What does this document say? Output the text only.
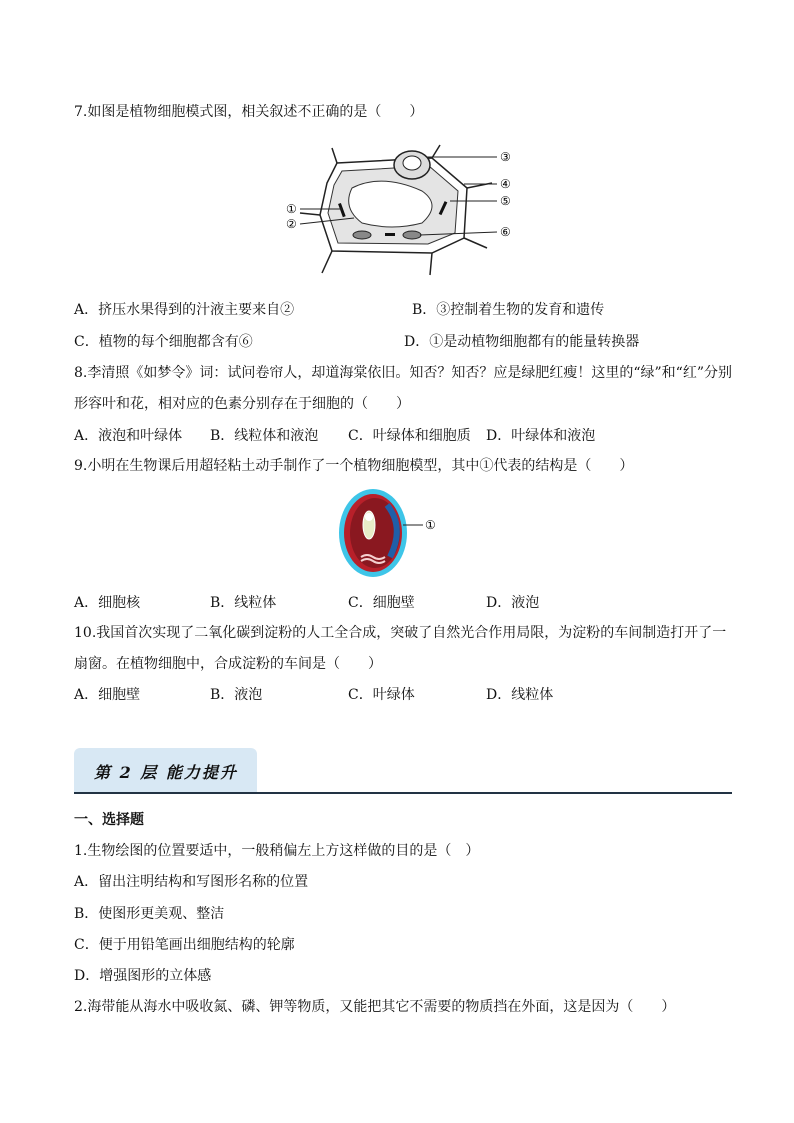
7.如图是植物细胞模式图，相关叙述不正确的是（　　）
①
②
③
④
⑤
⑥
A．挤压水果得到的汁液主要来自②	B．③控制着生物的发育和遗传
C．植物的每个细胞都含有⑥	D．①是动植物细胞都有的能量转换器
8.李清照《如梦令》词：试问卷帘人，却道海棠依旧。知否？知否？应是绿肥红瘦！这里的“绿”和“红”分别
形容叶和花，相对应的色素分别存在于细胞的（　　）
A．液泡和叶绿体 B．线粒体和液泡 C．叶绿体和细胞质 D．叶绿体和液泡
9.小明在生物课后用超轻粘土动手制作了一个植物细胞模型，其中①代表的结构是（　　）
①
A．细胞核	B．线粒体	C．细胞壁	D．液泡
10.我国首次实现了二氧化碳到淀粉的人工全合成，突破了自然光合作用局限，为淀粉的车间制造打开了一
扇窗。在植物细胞中，合成淀粉的车间是（　　）
A．细胞壁	B．液泡	C．叶绿体	D．线粒体
第 2 层 能力提升
一、选择题
1.生物绘图的位置要适中，一般稍偏左上方这样做的目的是（　）
A．留出注明结构和写图形名称的位置
B．使图形更美观、整洁
C．便于用铅笔画出细胞结构的轮廓
D．增强图形的立体感
2.海带能从海水中吸收氮、磷、钾等物质，又能把其它不需要的物质挡在外面，这是因为（　　）
